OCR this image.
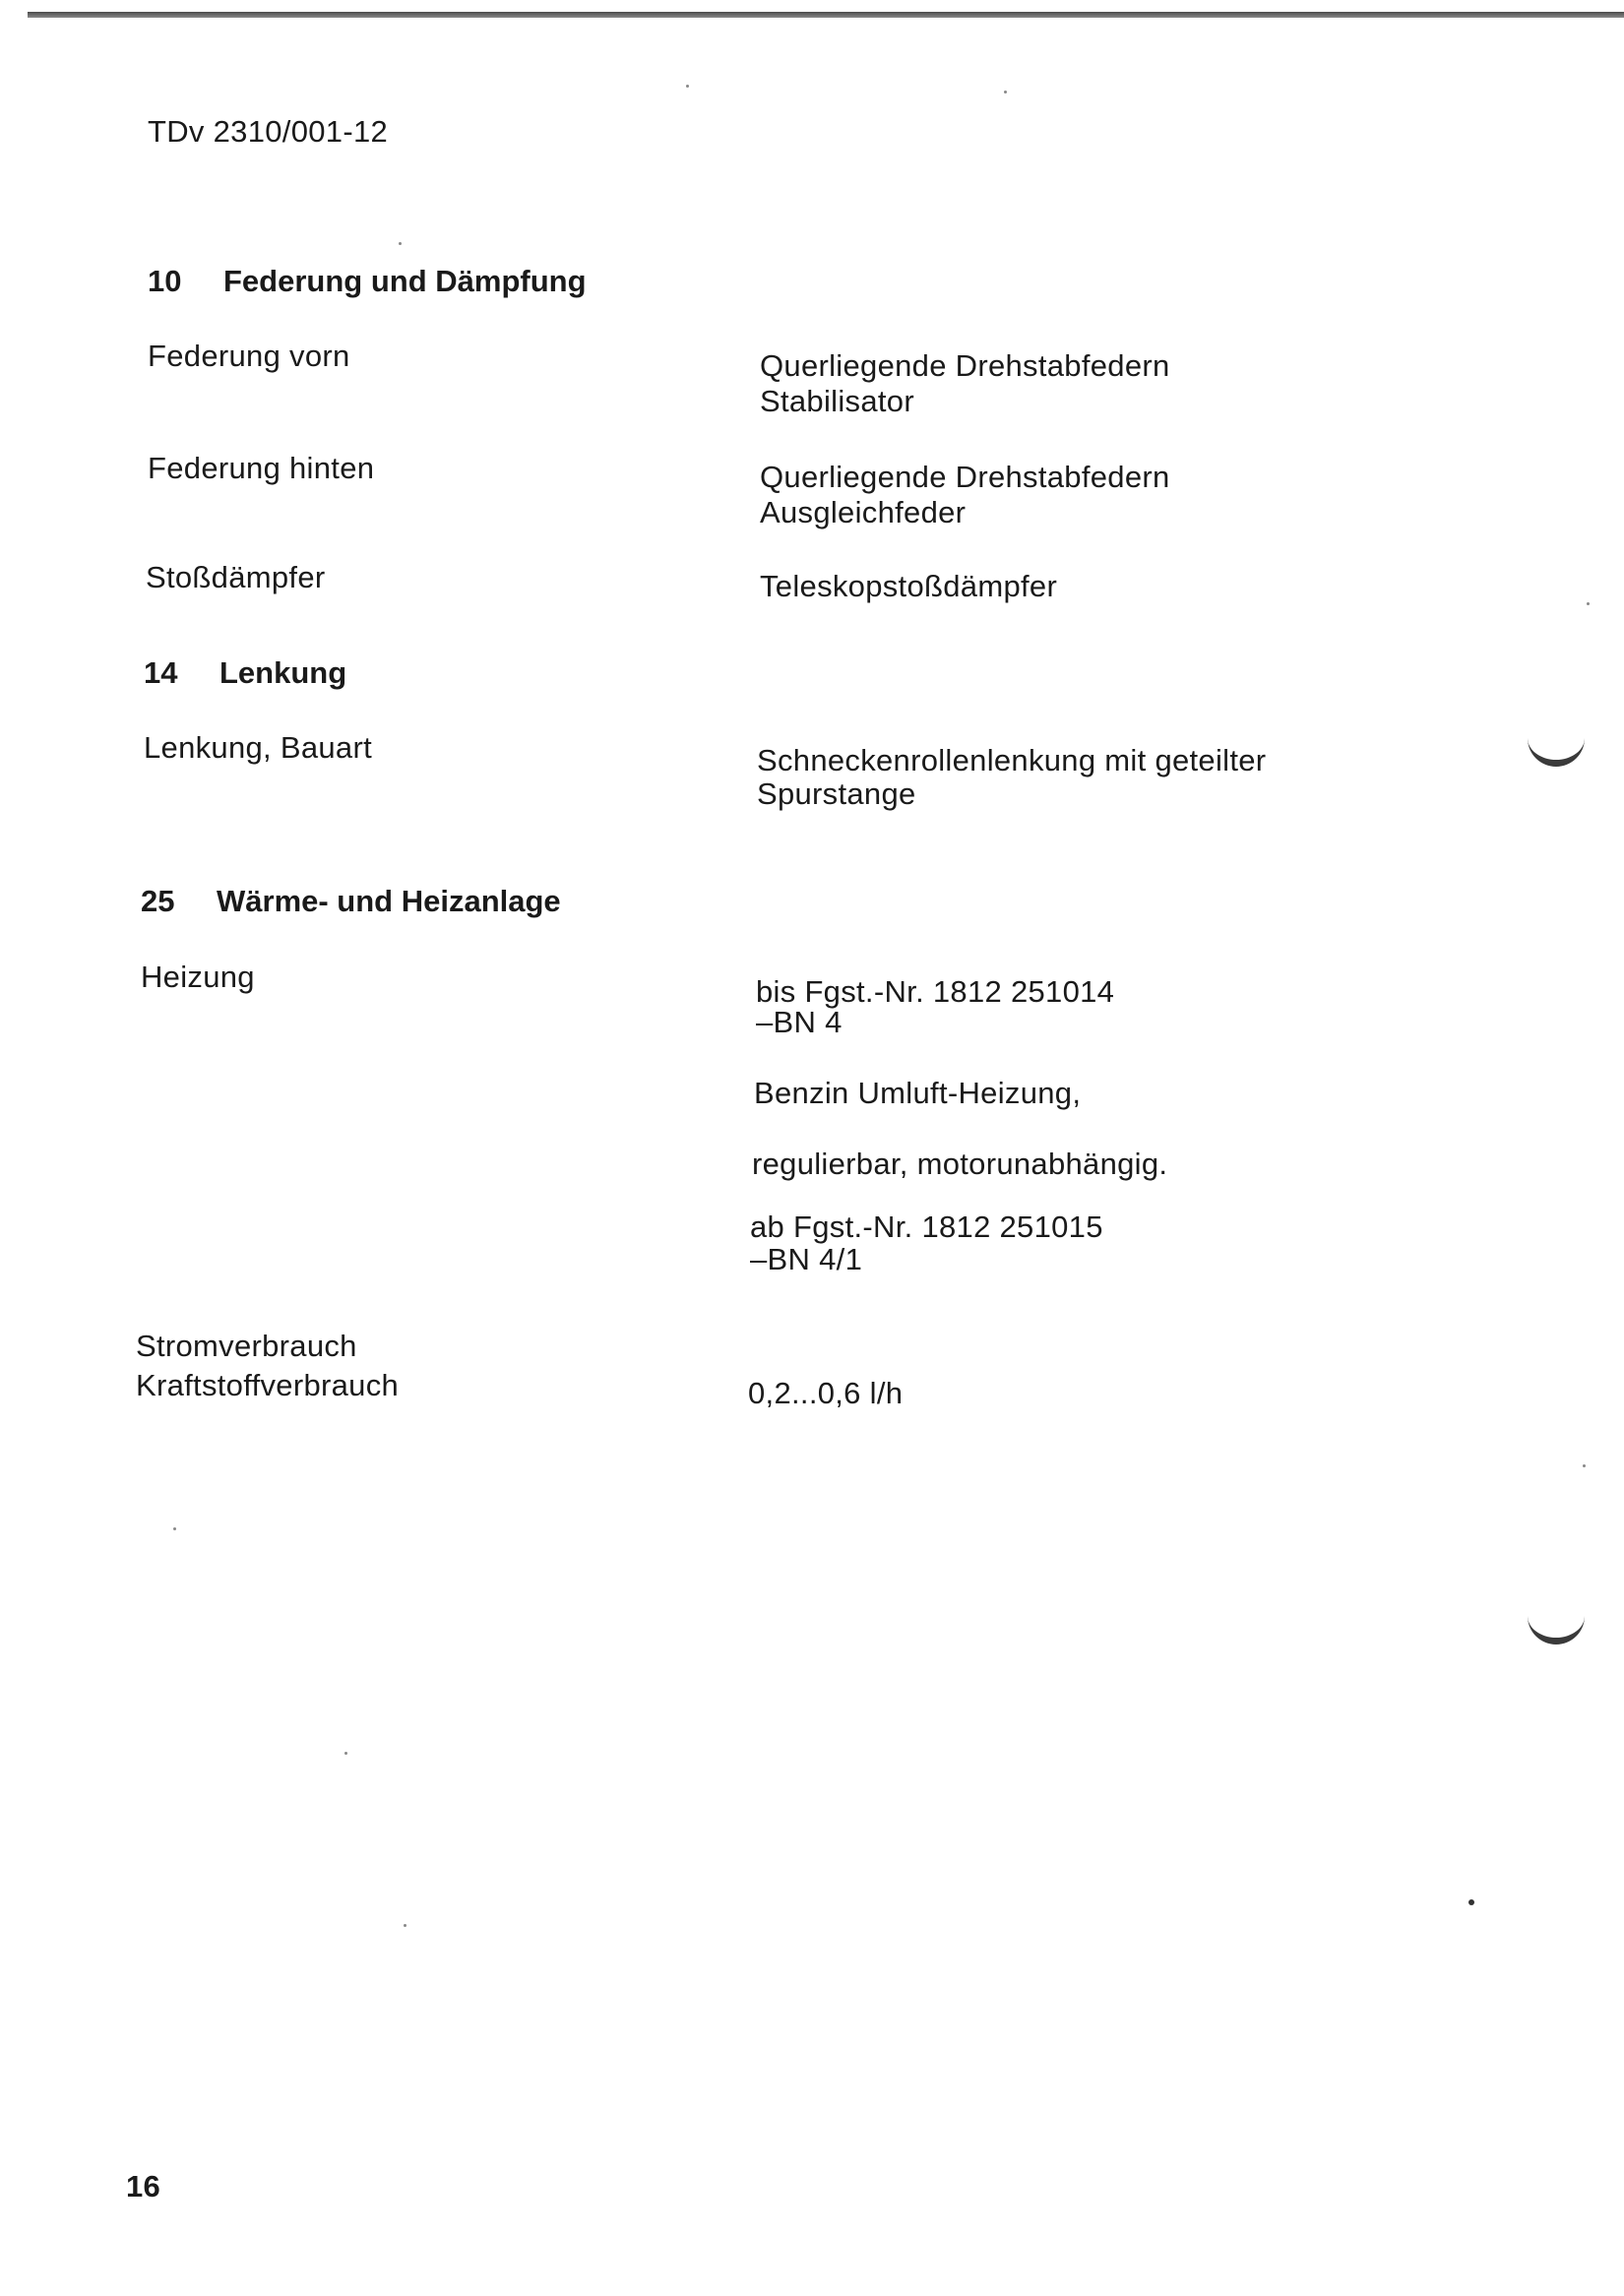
TDv 2310/001-12
10 Federung und Dämpfung
Federung vorn	Querliegende Drehstabfedern
Stabilisator
Federung hinten	Querliegende Drehstabfedern
Ausgleichfeder
Stoßdämpfer	Teleskopstoßdämpfer
14 Lenkung
Lenkung, Bauart	Schneckenrollenlenkung mit geteilter
Spurstange
25 Wärme- und Heizanlage
Heizung	bis Fgst.-Nr. 1812 251014
–BN 4
Benzin Umluft-Heizung,
regulierbar, motorunabhängig.
ab Fgst.-Nr. 1812 251015
–BN 4/1
Stromverbrauch
Kraftstoffverbrauch	0,2...0,6 l/h
16
